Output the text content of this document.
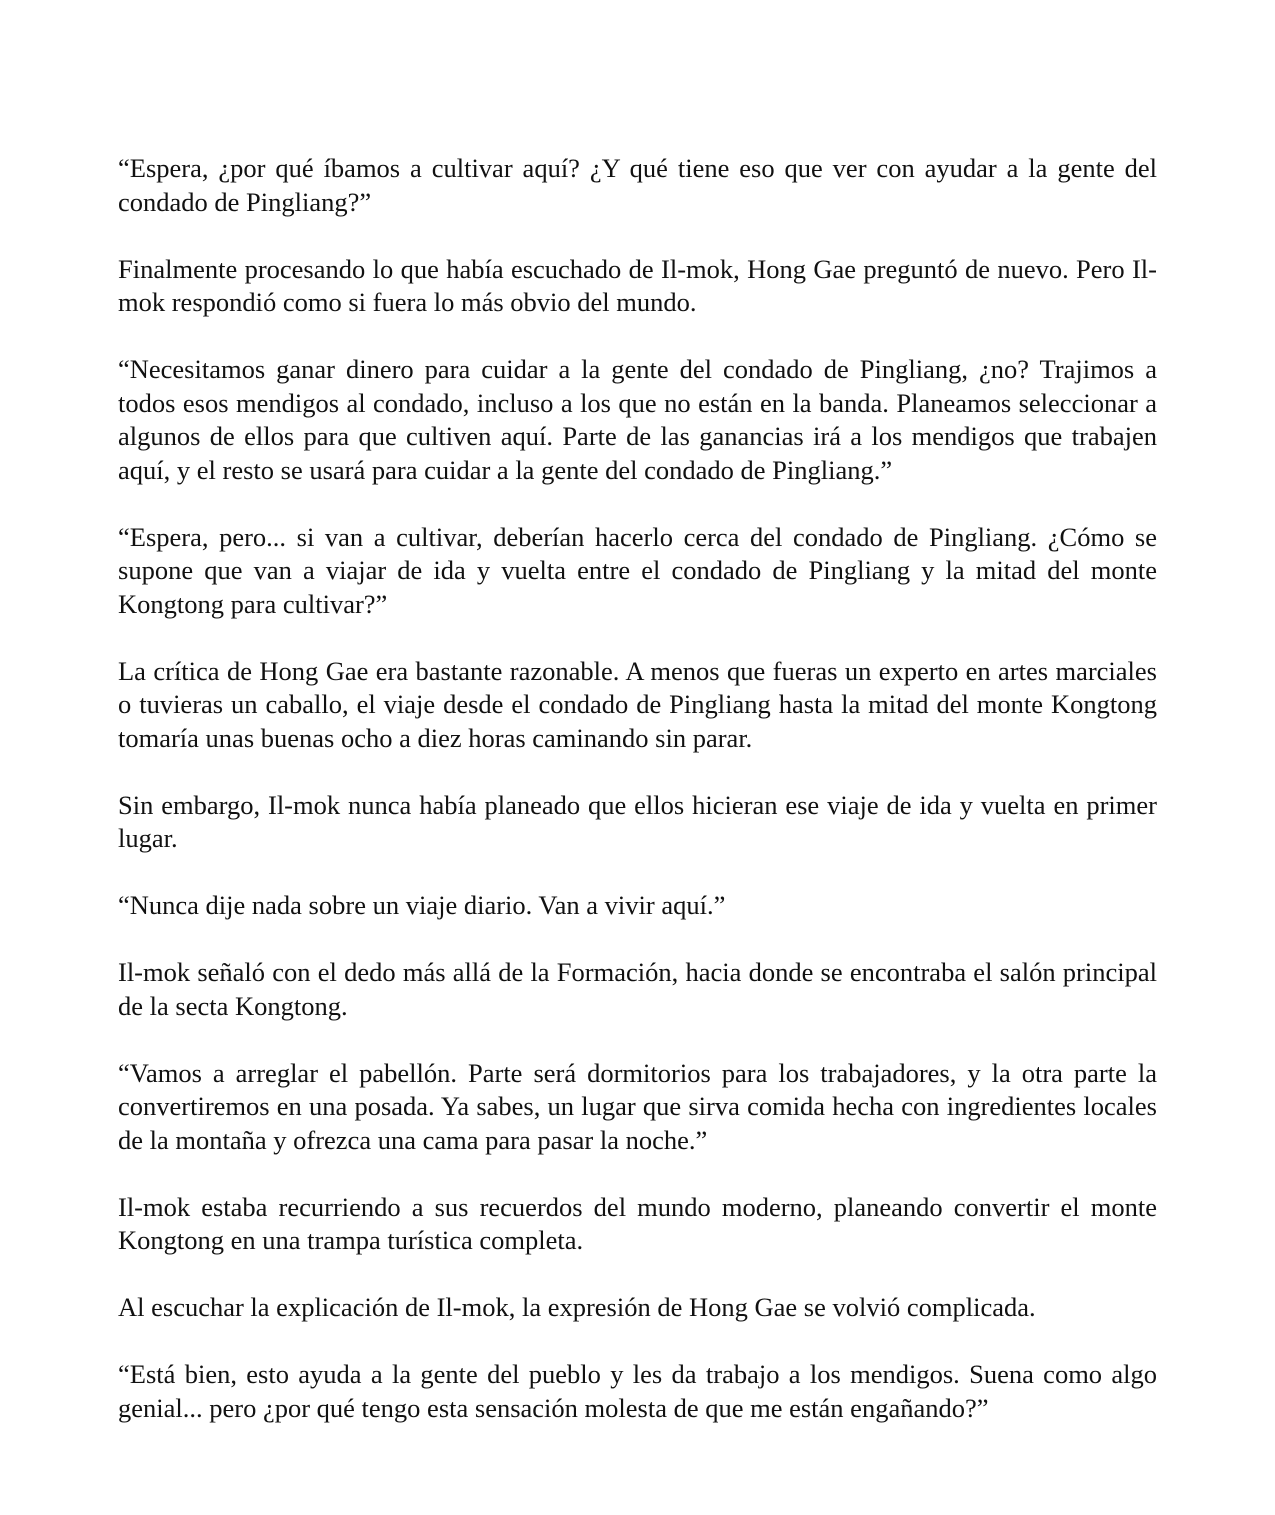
“Espera, ¿por qué íbamos a cultivar aquí? ¿Y qué tiene eso que ver con ayudar a la gente del condado de Pingliang?”

Finalmente procesando lo que había escuchado de Il-mok, Hong Gae preguntó de nuevo. Pero Il-mok respondió como si fuera lo más obvio del mundo.

“Necesitamos ganar dinero para cuidar a la gente del condado de Pingliang, ¿no? Trajimos a todos esos mendigos al condado, incluso a los que no están en la banda. Planeamos seleccionar a algunos de ellos para que cultiven aquí. Parte de las ganancias irá a los mendigos que trabajen aquí, y el resto se usará para cuidar a la gente del condado de Pingliang.”

“Espera, pero... si van a cultivar, deberían hacerlo cerca del condado de Pingliang. ¿Cómo se supone que van a viajar de ida y vuelta entre el condado de Pingliang y la mitad del monte Kongtong para cultivar?”

La crítica de Hong Gae era bastante razonable. A menos que fueras un experto en artes marciales o tuvieras un caballo, el viaje desde el condado de Pingliang hasta la mitad del monte Kongtong tomaría unas buenas ocho a diez horas caminando sin parar.

Sin embargo, Il-mok nunca había planeado que ellos hicieran ese viaje de ida y vuelta en primer lugar.

“Nunca dije nada sobre un viaje diario. Van a vivir aquí.”

Il-mok señaló con el dedo más allá de la Formación, hacia donde se encontraba el salón principal de la secta Kongtong.

“Vamos a arreglar el pabellón. Parte será dormitorios para los trabajadores, y la otra parte la convertiremos en una posada. Ya sabes, un lugar que sirva comida hecha con ingredientes locales de la montaña y ofrezca una cama para pasar la noche.”

Il-mok estaba recurriendo a sus recuerdos del mundo moderno, planeando convertir el monte Kongtong en una trampa turística completa.

Al escuchar la explicación de Il-mok, la expresión de Hong Gae se volvió complicada.

“Está bien, esto ayuda a la gente del pueblo y les da trabajo a los mendigos. Suena como algo genial... pero ¿por qué tengo esta sensación molesta de que me están engañando?”
